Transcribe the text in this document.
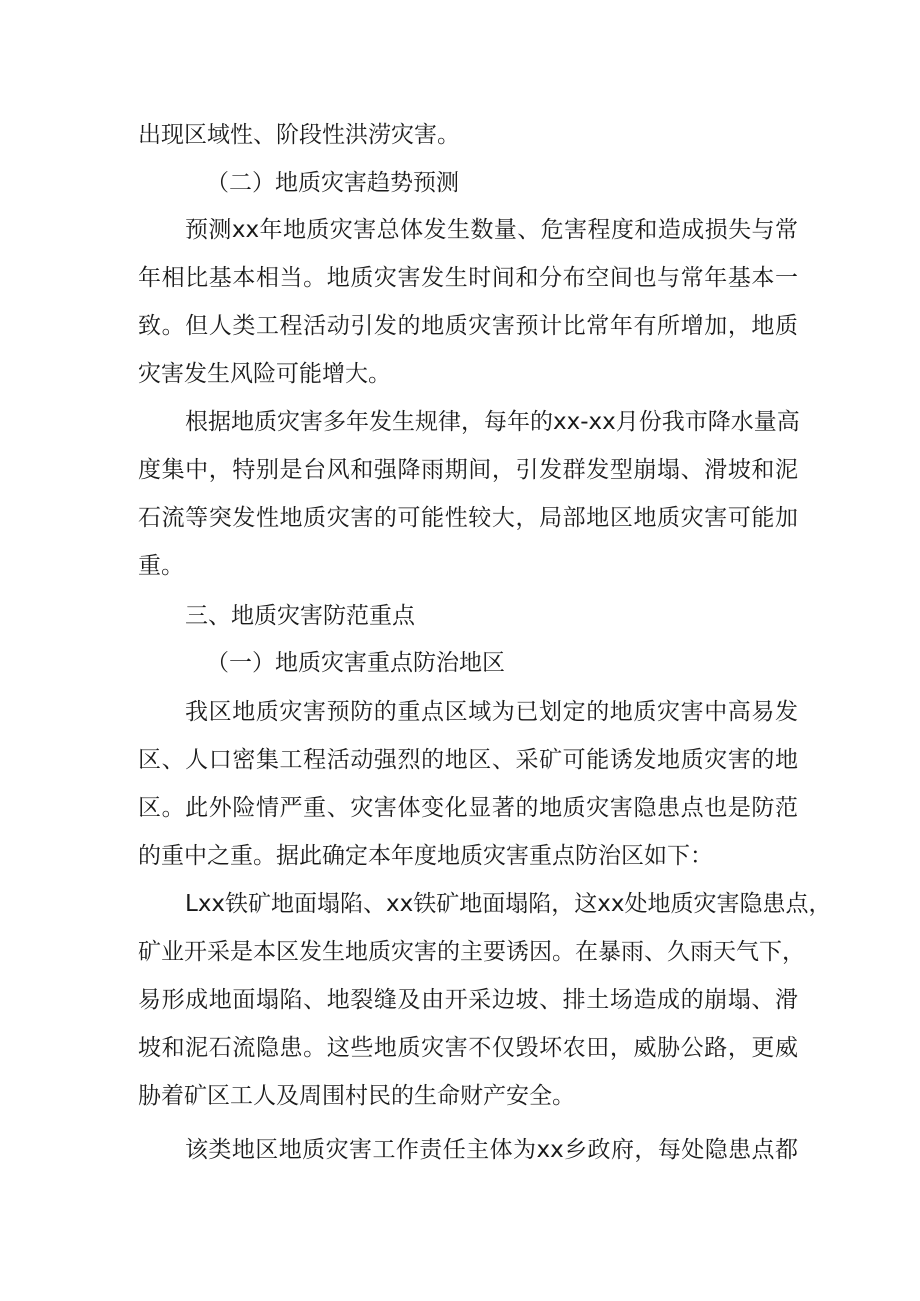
出现区域性、阶段性洪涝灾害。
（二）地质灾害趋势预测
预测xx年地质灾害总体发生数量、危害程度和造成损失与常
年相比基本相当。地质灾害发生时间和分布空间也与常年基本一
致。但人类工程活动引发的地质灾害预计比常年有所增加，地质
灾害发生风险可能增大。
根据地质灾害多年发生规律，每年的xx-xx月份我市降水量高
度集中，特别是台风和强降雨期间，引发群发型崩塌、滑坡和泥
石流等突发性地质灾害的可能性较大，局部地区地质灾害可能加
重。
三、地质灾害防范重点
（一）地质灾害重点防治地区
我区地质灾害预防的重点区域为已划定的地质灾害中高易发
区、人口密集工程活动强烈的地区、采矿可能诱发地质灾害的地
区。此外险情严重、灾害体变化显著的地质灾害隐患点也是防范
的重中之重。据此确定本年度地质灾害重点防治区如下：
Lxx铁矿地面塌陷、xx铁矿地面塌陷，这xx处地质灾害隐患点，
矿业开采是本区发生地质灾害的主要诱因。在暴雨、久雨天气下，
易形成地面塌陷、地裂缝及由开采边坡、排土场造成的崩塌、滑
坡和泥石流隐患。这些地质灾害不仅毁坏农田，威胁公路，更威
胁着矿区工人及周围村民的生命财产安全。
该类地区地质灾害工作责任主体为xx乡政府，每处隐患点都
